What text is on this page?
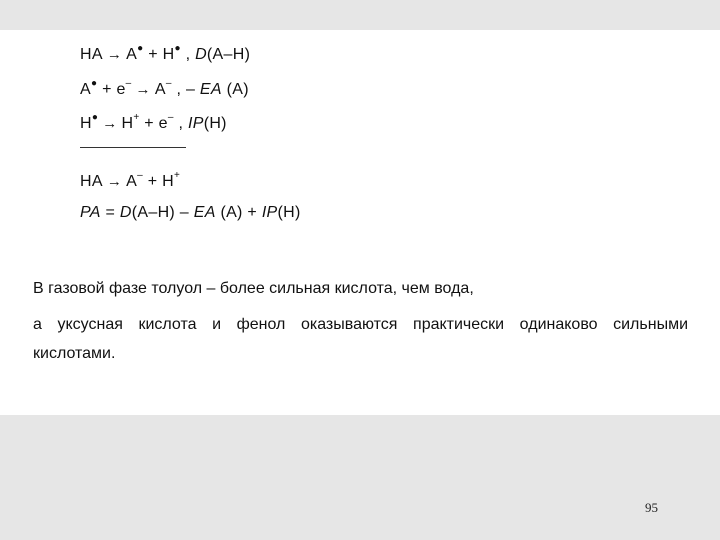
HA → A● + H● , D(A–H)
A● + e– → A– , – EA (A)
H● → H+ + e– , IP(H)
HA → A– + H+
PA = D(A–H) – EA (A) + IP(H)
В газовой фазе толуол – более сильная кислота, чем вода,
а уксусная кислота и фенол оказываются практически одинаково сильными
кислотами.
95
